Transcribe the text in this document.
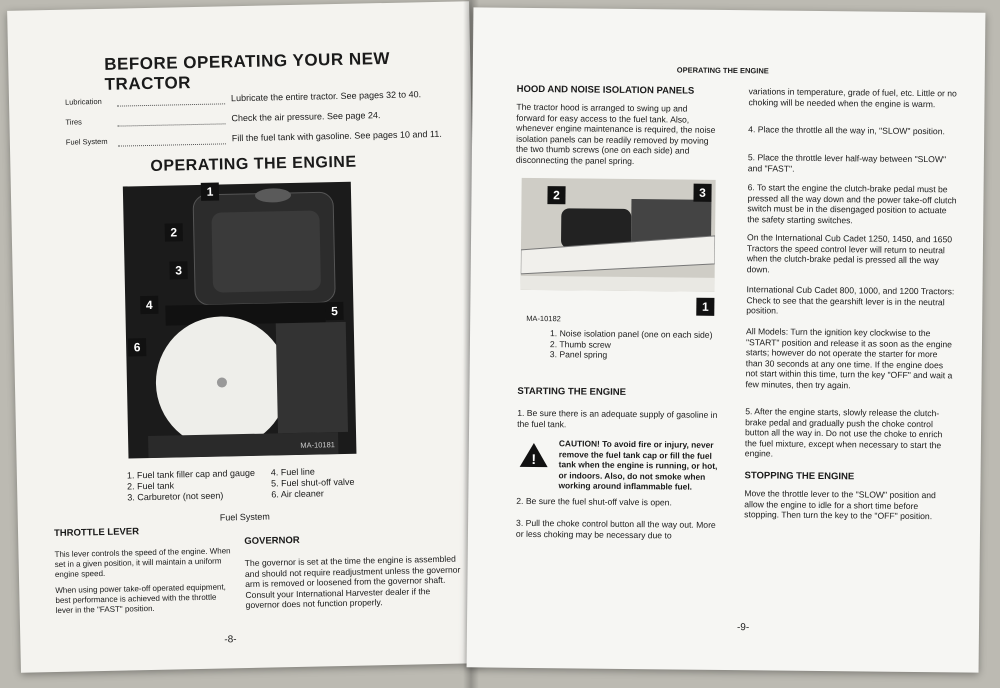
BEFORE OPERATING YOUR NEW TRACTOR
Lubrication	Lubricate the entire tractor. See pages 32 to 40.
Tires	Check the air pressure. See page 24.
Fuel System	Fill the fuel tank with gasoline. See pages 10 and 11.
OPERATING THE ENGINE
MA-10181
1
2
3
4	5
6
1. Fuel tank filler cap and gauge
2. Fuel tank
3. Carburetor (not seen)
4. Fuel line
5. Fuel shut-off valve
6. Air cleaner
Fuel System
THROTTLE LEVER

This lever controls the speed of the engine. When set in a given position, it will maintain a uniform engine speed.

When using power take-off operated equipment, best performance is achieved with the throttle lever in the "FAST" position.

GOVERNOR

The governor is set at the time the engine is assembled and should not require readjustment unless the governor arm is removed or loosened from the governor shaft. Consult your International Harvester dealer if the governor does not function properly.

-8-
OPERATING THE ENGINE
HOOD AND NOISE ISOLATION PANELS

The tractor hood is arranged to swing up and forward for easy access to the fuel tank. Also, whenever engine maintenance is required, the noise isolation panels can be readily removed by moving the two thumb screws (one on each side) and disconnecting the panel spring.

2	3
1
MA-10182

1. Noise isolation panel (one on each side)

2. Thumb screw

3. Panel spring

STARTING THE ENGINE

1. Be sure there is an adequate supply of gasoline in the fuel tank.

!

CAUTION! To avoid fire or injury, never remove the fuel tank cap or fill the fuel tank when the engine is running, or hot, or indoors. Also, do not smoke when working around inflammable fuel.

2. Be sure the fuel shut-off valve is open.

3. Pull the choke control button all the way out. More or less choking may be necessary due to

variations in temperature, grade of fuel, etc. Little or no choking will be needed when the engine is warm.

4. Place the throttle all the way in, "SLOW" position.

5. Place the throttle lever half-way between "SLOW" and "FAST".

6. To start the engine the clutch-brake pedal must be pressed all the way down and the power take-off clutch switch must be in the disengaged position to actuate the safety starting switches.

On the International Cub Cadet 1250, 1450, and 1650 Tractors the speed control lever will return to neutral when the clutch-brake pedal is pressed all the way down.

International Cub Cadet 800, 1000, and 1200 Tractors: Check to see that the gearshift lever is in the neutral position.

All Models: Turn the ignition key clockwise to the "START" position and release it as soon as the engine starts; however do not operate the starter for more than 30 seconds at any one time. If the engine does not start within this time, turn the key "OFF" and wait a few minutes, then try again.

5. After the engine starts, slowly release the clutch-brake pedal and gradually push the choke control button all the way in. Do not use the choke to enrich the fuel mixture, except when necessary to start the engine.

STOPPING THE ENGINE

Move the throttle lever to the "SLOW" position and allow the engine to idle for a short time before stopping. Then turn the key to the "OFF" position.

-9-
